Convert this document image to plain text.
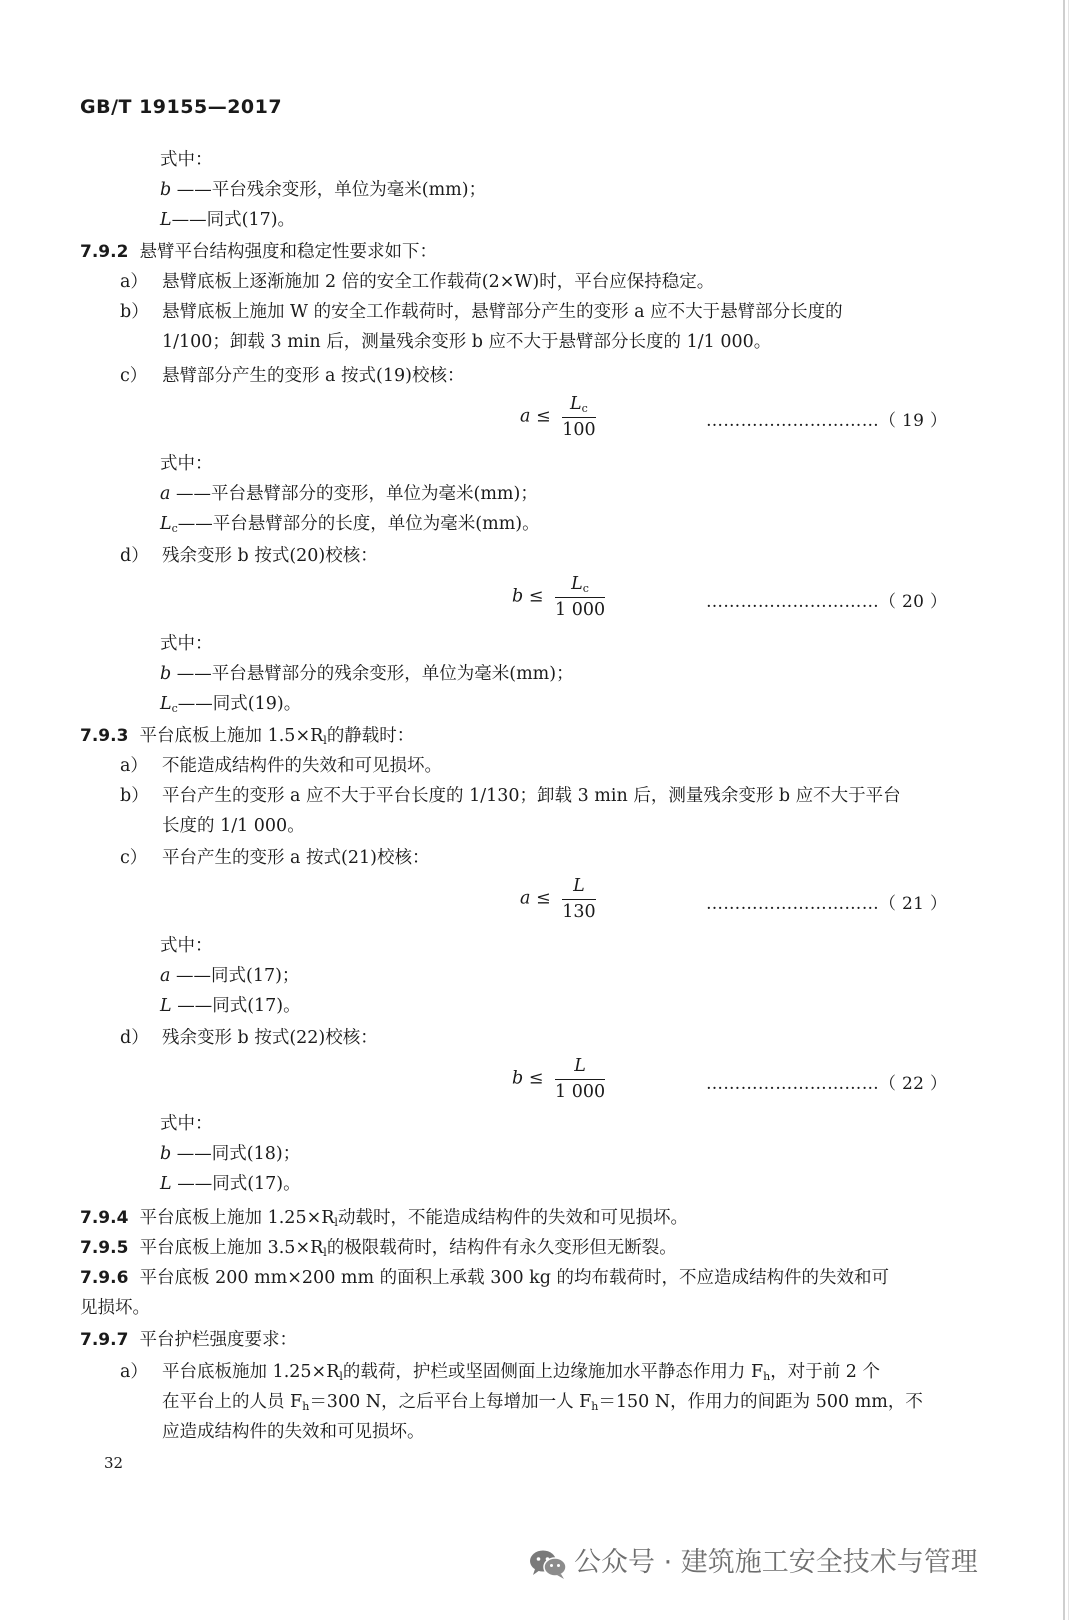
GB/T 19155—2017
式中：
b ——平台残余变形，单位为毫米(mm)；
L——同式(17)。
7.9.2 悬臂平台结构强度和稳定性要求如下：
a） 悬臂底板上逐渐施加 2 倍的安全工作载荷(2×W)时，平台应保持稳定。
b） 悬臂底板上施加 W 的安全工作载荷时，悬臂部分产生的变形 a 应不大于悬臂部分长度的
1/100；卸载 3 min 后，测量残余变形 b 应不大于悬臂部分长度的 1/1 000。
c） 悬臂部分产生的变形 a 按式(19)校核：
$a \le \frac{L_c}{100}$	…………………………（ 19 ）
式中：
a ——平台悬臂部分的变形，单位为毫米(mm)；
$L_c——$平台悬臂部分的长度，单位为毫米(mm)。
d） 残余变形 b 按式(20)校核：
$b \le \frac{L_c}{1 000}$	…………………………（ 20 ）
式中：
b ——平台悬臂部分的残余变形，单位为毫米(mm)；
$L_c——$同式(19)。
7.9.3 平台底板上施加 $1.5\times R_l$的静载时：
a） 不能造成结构件的失效和可见损坏。
b） 平台产生的变形 a 应不大于平台长度的 1/130；卸载 3 min 后，测量残余变形 b 应不大于平台
长度的 1/1 000。
c） 平台产生的变形 a 按式(21)校核：
$a \le \frac{L}{130}$	…………………………（ 21 ）
式中：
a ——同式(17)；
L ——同式(17)。
d） 残余变形 b 按式(22)校核：
$b \le \frac{L}{1 000}$	…………………………（ 22 ）
式中：
b ——同式(18)；
L ——同式(17)。
7.9.4 平台底板上施加 $1.25\times R_l$动载时，不能造成结构件的失效和可见损坏。
7.9.5 平台底板上施加 $3.5\times R_l$的极限载荷时，结构件有永久变形但无断裂。
7.9.6 平台底板 200 mm×200 mm 的面积上承载 300 kg 的均布载荷时，不应造成结构件的失效和可
见损坏。
7.9.7 平台护栏强度要求：
a） 平台底板施加 $1.25\times R_l$的载荷，护栏或坚固侧面上边缘施加水平静态作用力 $F_h$，对于前 2 个
在平台上的人员 $F_h=300$ N，之后平台上每增加一人 $F_h=150$ N，作用力的间距为 500 mm，不
应造成结构件的失效和可见损坏。
32
公众号 · 建筑施工安全技术与管理
